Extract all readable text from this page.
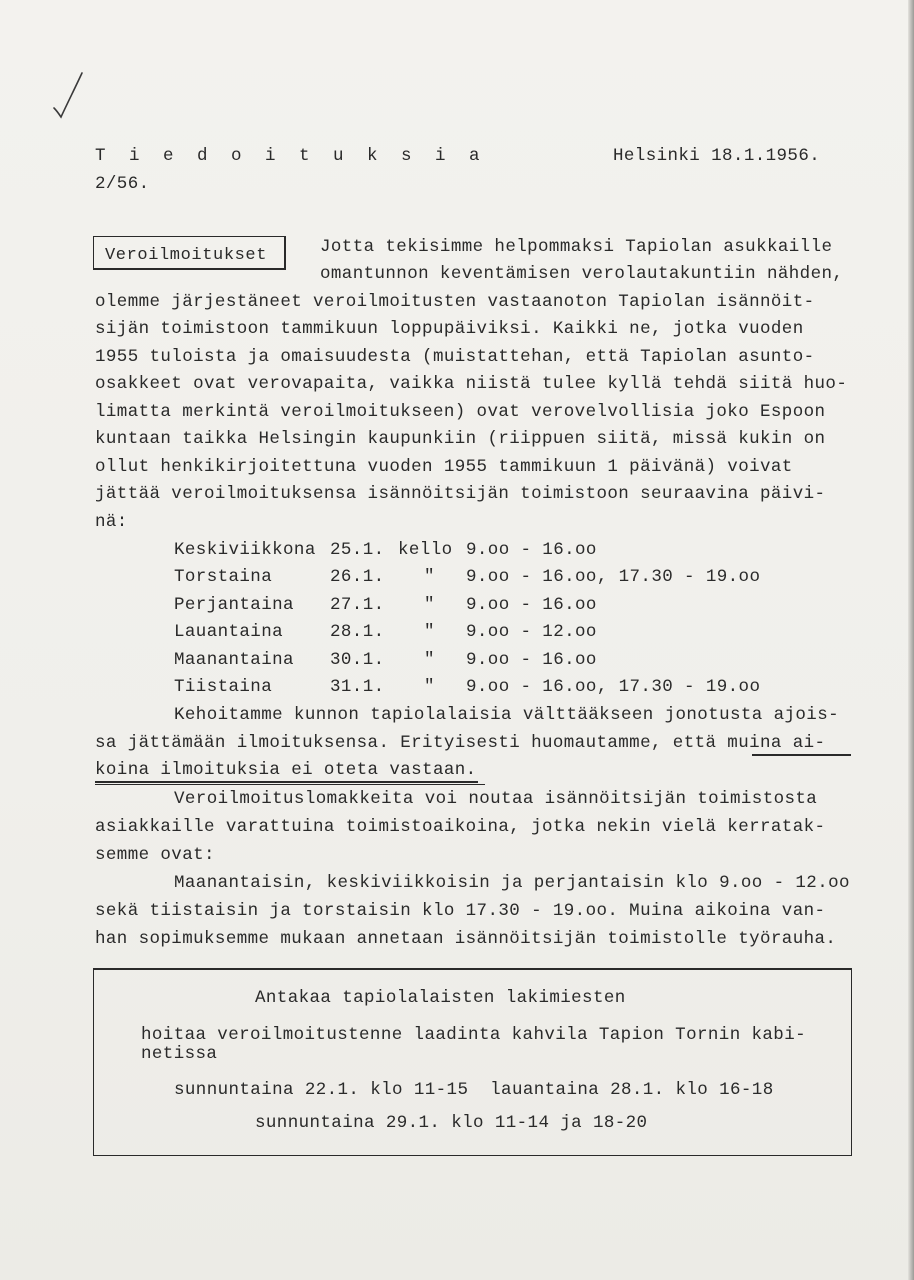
T i e d o i t u k s i a	Helsinki 18.1.1956.
2/56.
Veroilmoitukset	Jotta tekisimme helpommaksi Tapiolan asukkaille
omantunnon keventämisen verolautakuntiin nähden,
olemme järjestäneet veroilmoitusten vastaanoton Tapiolan isännöit-
sijän toimistoon tammikuun loppupäiviksi. Kaikki ne, jotka vuoden
1955 tuloista ja omaisuudesta (muistattehan, että Tapiolan asunto-
osakkeet ovat verovapaita, vaikka niistä tulee kyllä tehdä siitä huo-
limatta merkintä veroilmoitukseen) ovat verovelvollisia joko Espoon
kuntaan taikka Helsingin kaupunkiin (riippuen siitä, missä kukin on
ollut henkikirjoitettuna vuoden 1955 tammikuun 1 päivänä) voivat
jättää veroilmoituksensa isännöitsijän toimistoon seuraavina päivi-
nä:
Keskiviikkona 25.1. kello 9.oo - 16.oo
Torstaina	26.1. " 9.oo - 16.oo, 17.30 - 19.oo
Perjantaina 27.1. " 9.oo - 16.oo
Lauantaina	28.1. " 9.oo - 12.oo
Maanantaina 30.1. " 9.oo - 16.oo
Tiistaina	31.1. " 9.oo - 16.oo, 17.30 - 19.oo
Kehoitamme kunnon tapiolalaisia välttääkseen jonotusta ajois-
sa jättämään ilmoituksensa. Erityisesti huomautamme, että muina ai-
koina ilmoituksia ei oteta vastaan.
Veroilmoituslomakkeita voi noutaa isännöitsijän toimistosta
asiakkaille varattuina toimistoaikoina, jotka nekin vielä kerratak-
semme ovat:
Maanantaisin, keskiviikkoisin ja perjantaisin klo 9.oo - 12.oo
sekä tiistaisin ja torstaisin klo 17.30 - 19.oo. Muina aikoina van-
han sopimuksemme mukaan annetaan isännöitsijän toimistolle työrauha.
Antakaa tapiolalaisten lakimiesten
hoitaa veroilmoitustenne laadinta kahvila Tapion Tornin kabi-
netissa
sunnuntaina 22.1. klo 11-15  lauantaina 28.1. klo 16-18
sunnuntaina 29.1. klo 11-14 ja 18-20
